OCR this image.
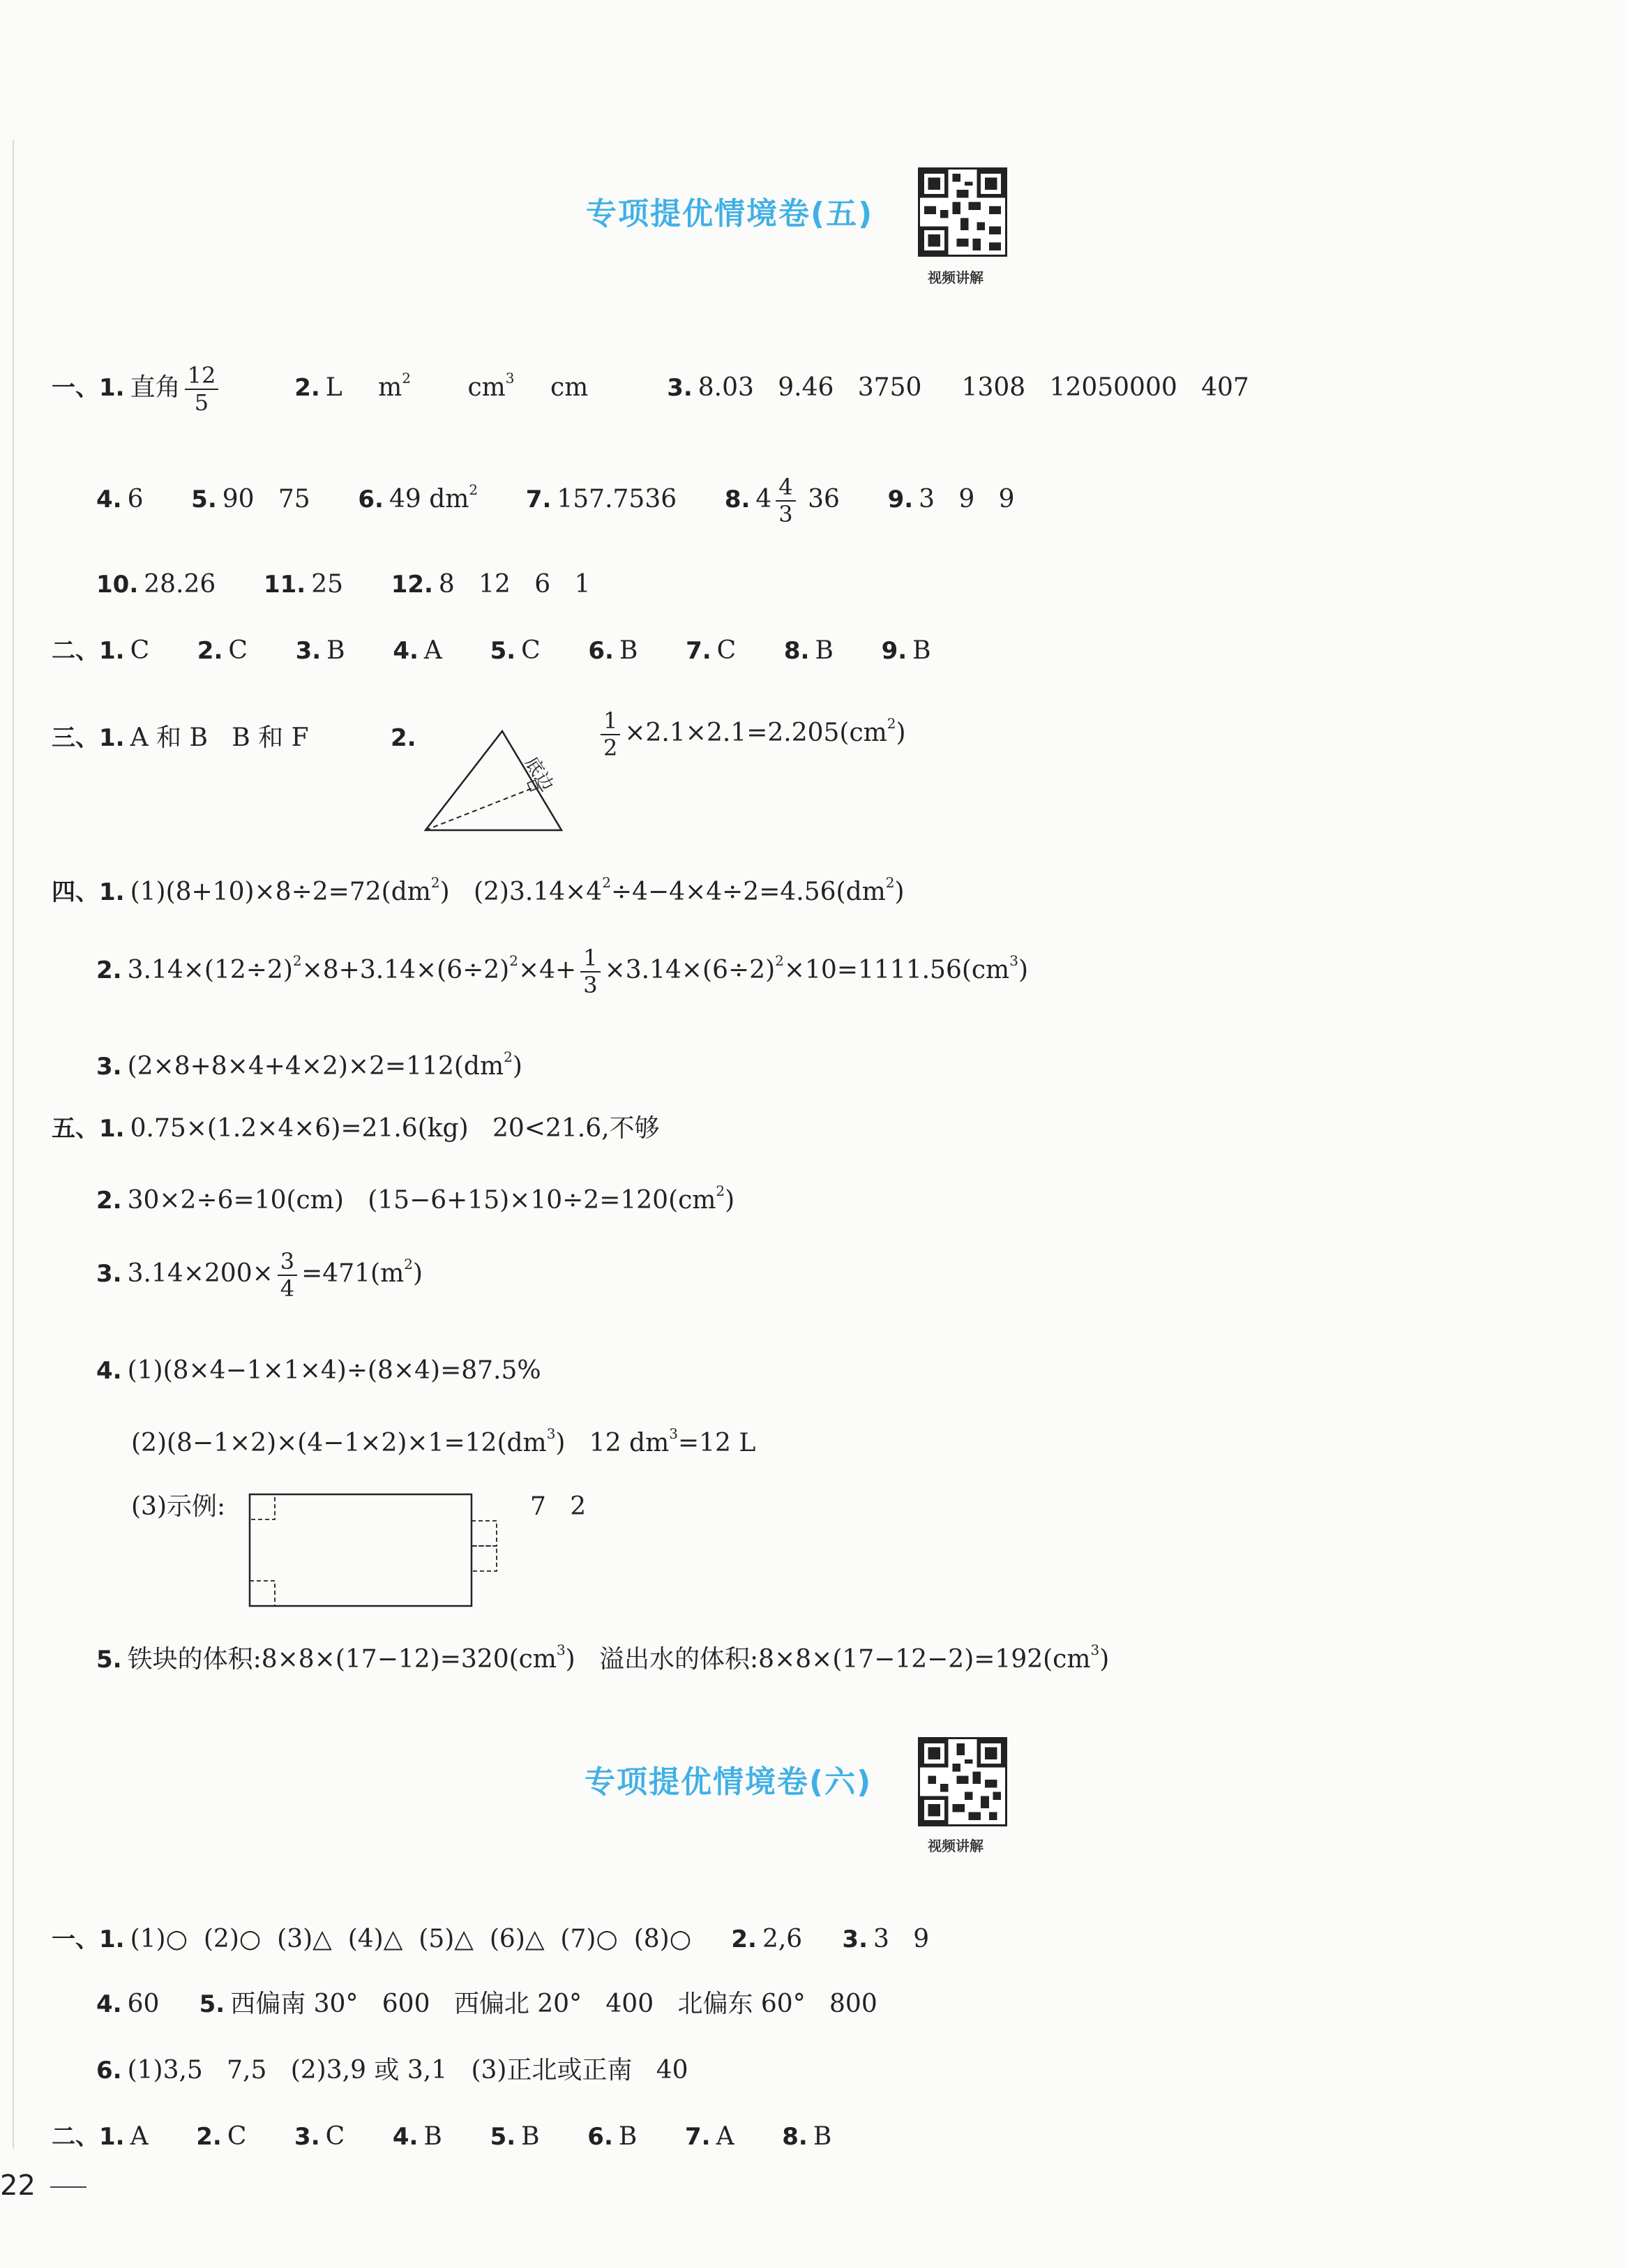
专项提优情境卷(五)
视频讲解
一、1. 直角 $\frac{12}{5}$	2. L $m^2$ $cm^3$ cm	3. 8.03   9.46   3750     1308   12050000   407
4. 6 5. 90   75 6. 49 $dm^2$ 7. 157.7536 8. $4 \frac{4}{3} 36$ 9. 3   9   9
10. 28.26 11. 25 12. 8   12   6   1
二、1. C 2. C 3. B 4. A 5. C 6. B 7. C 8. B 9. B
三、1. A 和 B   B 和 F	2.
底边
$\frac{1}{2} \times 2.1\times 2.1=2.205(cm^2)$
四、1. $(1)(8+10)\times 8\div 2=72(dm^2)$   $(2)3.14\times 4^2\div 4-4\times 4\div 2=4.56(dm^2)$
2. $3.14\times(12\div 2)^2\times 8+3.14\times(6\div 2)^2\times 4+ \frac{1}{3} \times 3.14\times(6\div 2)^2\times 10=1111.56(cm^3)$
3. $(2\times 8+8\times 4+4\times 2)\times 2=112(dm^2)$
五、1. 0.75×(1.2×4×6)=21.6(kg)   20<21.6,不够
2. 30×2÷6=10(cm)   $(15-6+15)\times 10\div 2=120(cm^2)$
3. $3.14\times 200\times \frac{3}{4} =471(m^2)$
4. (1)(8×4−1×1×4)÷(8×4)=87.5%
$(2)(8-1\times 2)\times(4-1\times 2)\times 1=12(dm^3)$   12 $dm^3=12$ L
(3)示例:	7   2
5. 铁块的体积$:8\times 8\times(17-12)=320(cm^3)$   溢出水的体积$:8\times 8\times(17-12-2)=192(cm^3)$
专项提优情境卷(六)
视频讲解
一、1. (1)○  (2)○  (3)△  (4)△  (5)△  (6)△  (7)○  (8)○ 2. 2,6 3. 3   9
4. 60 5. 西偏南 30°   600   西偏北 20°   400   北偏东 60°   800
6. (1)3,5   7,5   (2)3,9 或 3,1   (3)正北或正南   40
二、1. A 2. C 3. C 4. B 5. B 6. B 7. A 8. B
22
